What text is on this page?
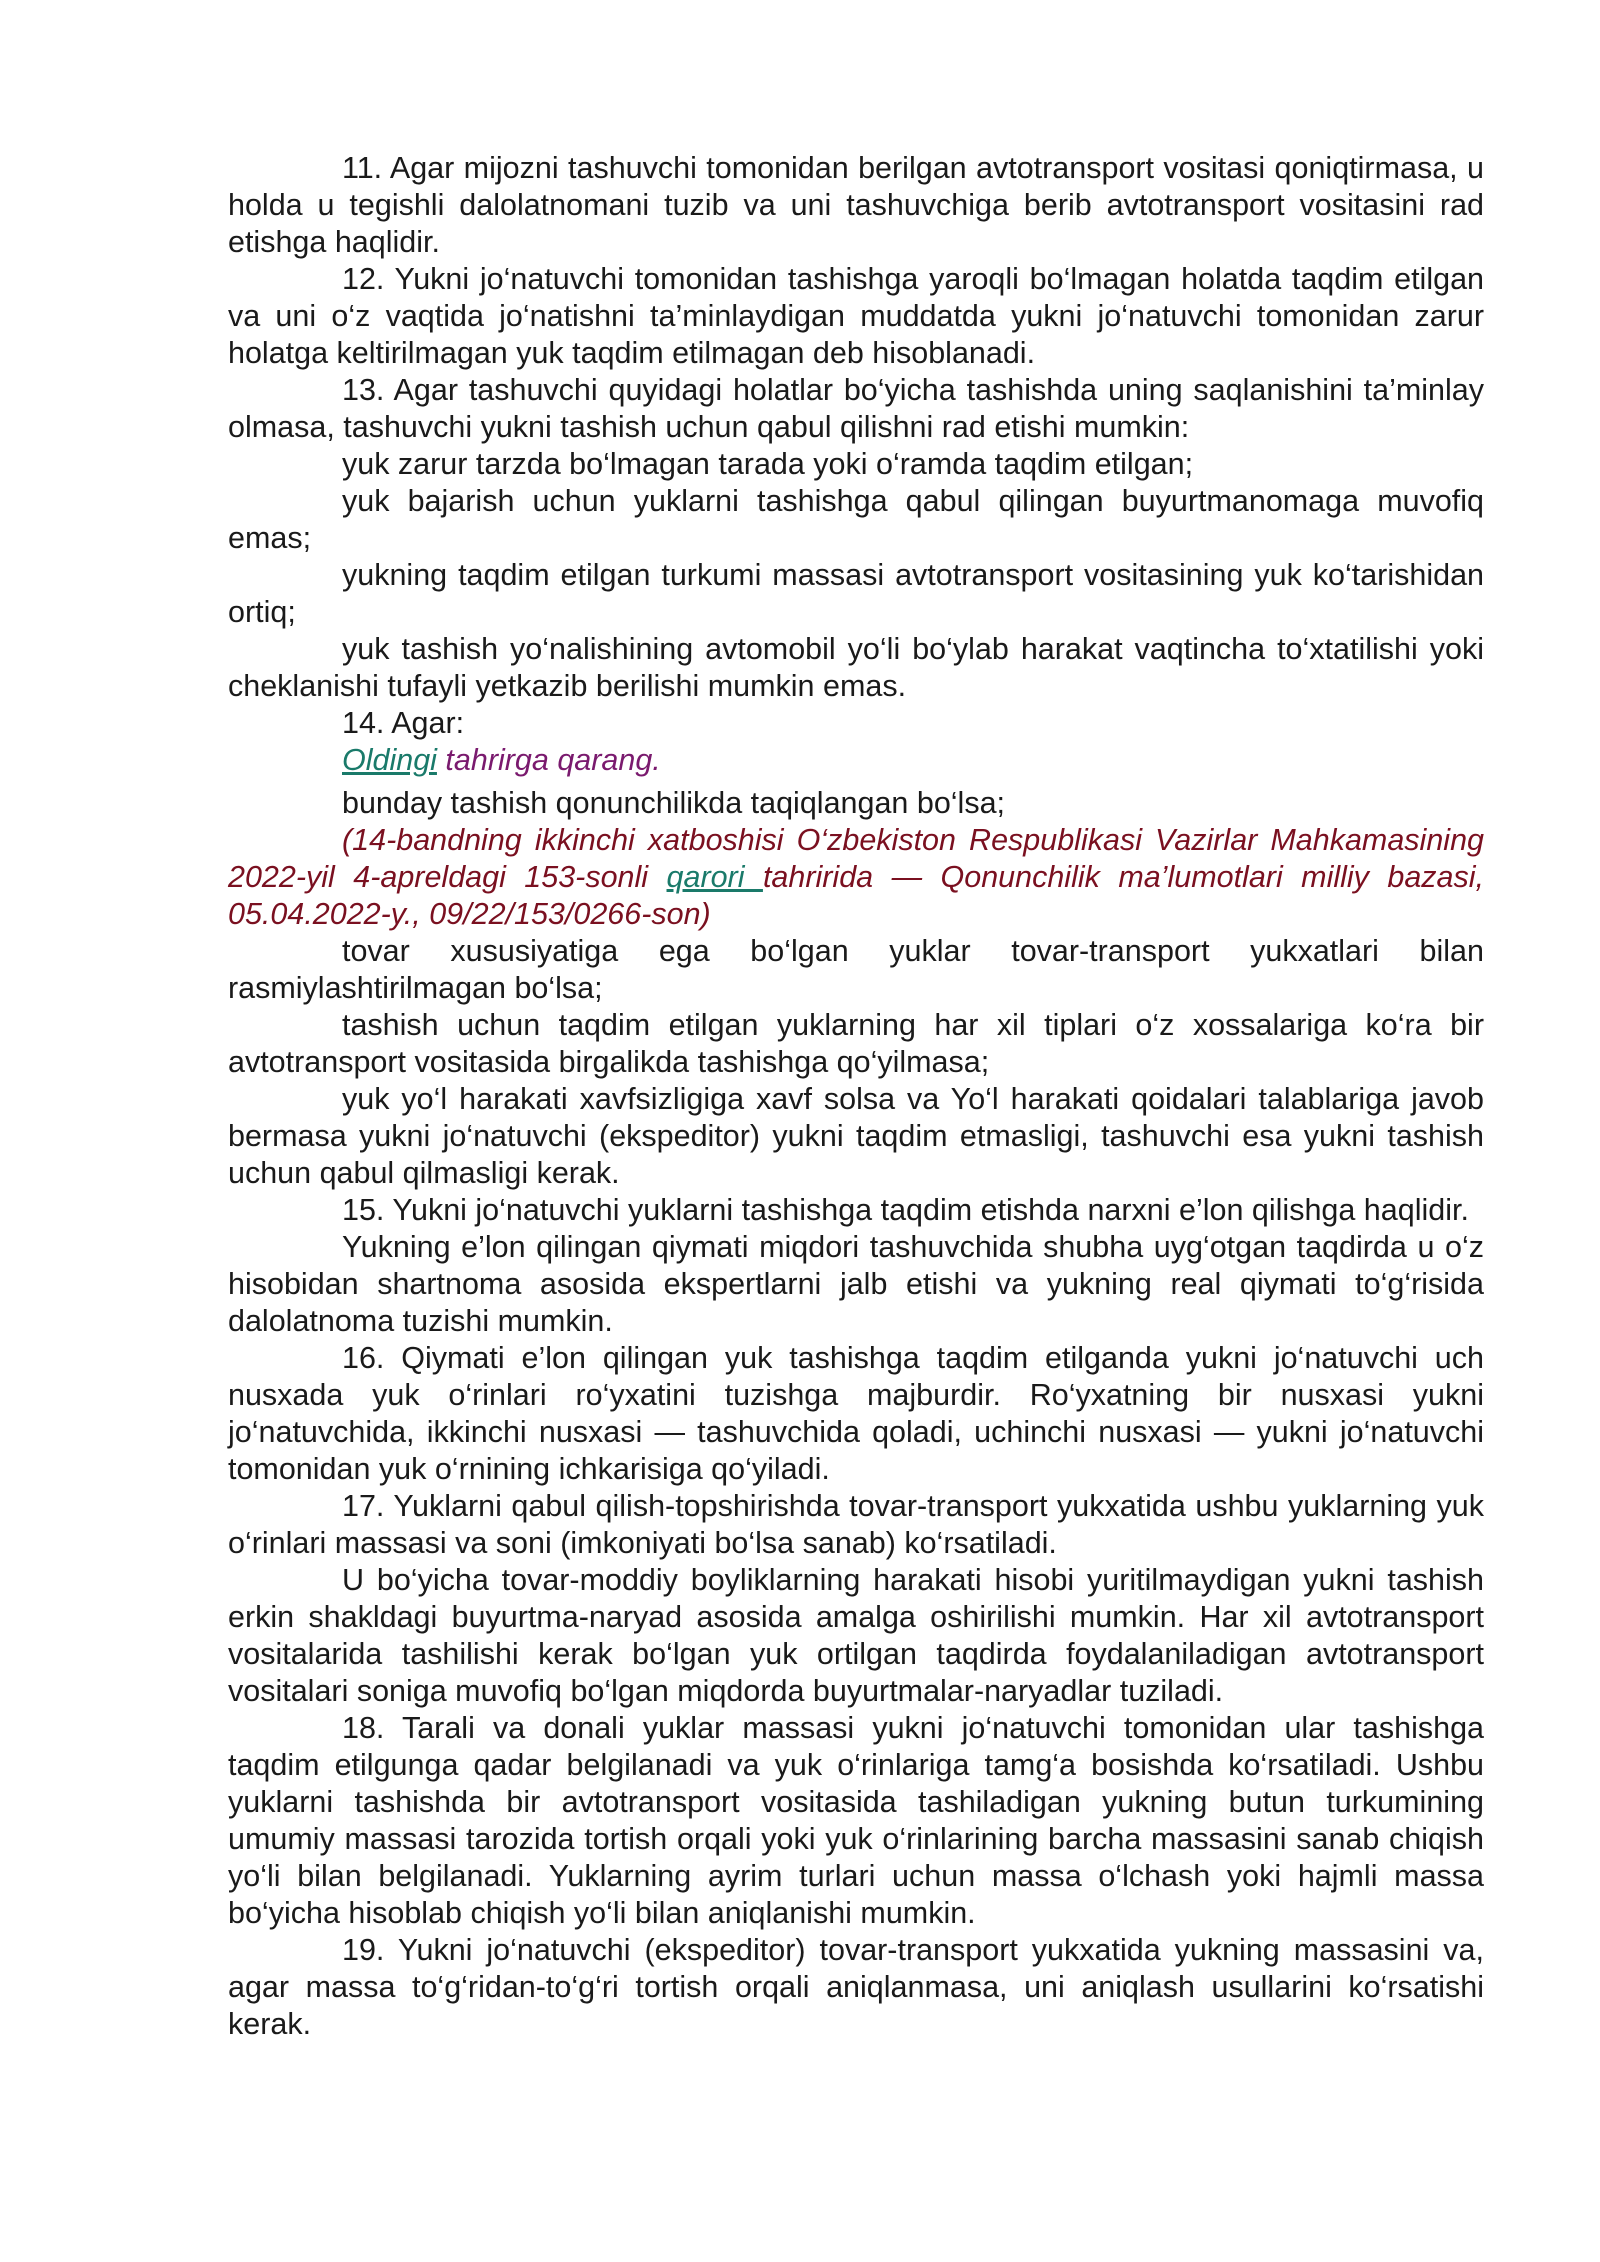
11. Agar mijozni tashuvchi tomonidan berilgan avtotransport vositasi qoniqtirmasa, u holda u tegishli dalolatnomani tuzib va uni tashuvchiga berib avtotransport vositasini rad etishga haqlidir.

12. Yukni jo‘natuvchi tomonidan tashishga yaroqli bo‘lmagan holatda taqdim etilgan va uni o‘z vaqtida jo‘natishni ta’minlaydigan muddatda yukni jo‘natuvchi tomonidan zarur holatga keltirilmagan yuk taqdim etilmagan deb hisoblanadi.

13. Agar tashuvchi quyidagi holatlar bo‘yicha tashishda uning saqlanishini ta’minlay olmasa, tashuvchi yukni tashish uchun qabul qilishni rad etishi mumkin:

yuk zarur tarzda bo‘lmagan tarada yoki o‘ramda taqdim etilgan;

yuk bajarish uchun yuklarni tashishga qabul qilingan buyurtmanomaga muvofiq emas;

yukning taqdim etilgan turkumi massasi avtotransport vositasining yuk ko‘tarishidan ortiq;

yuk tashish yo‘nalishining avtomobil yo‘li bo‘ylab harakat vaqtincha to‘xtatilishi yoki cheklanishi tufayli yetkazib berilishi mumkin emas.

14. Agar:

Oldingi tahrirga qarang.

bunday tashish qonunchilikda taqiqlangan bo‘lsa;

(14-bandning ikkinchi xatboshisi O‘zbekiston Respublikasi Vazirlar Mahkamasining 2022-yil 4-apreldagi 153-sonli qarori tahririda — Qonunchilik ma’lumotlari milliy bazasi, 05.04.2022-y., 09/22/153/0266-son)

tovar xususiyatiga ega bo‘lgan yuklar tovar-transport yukxatlari bilan rasmiylashtirilmagan bo‘lsa;

tashish uchun taqdim etilgan yuklarning har xil tiplari o‘z xossalariga ko‘ra bir avtotransport vositasida birgalikda tashishga qo‘yilmasa;

yuk yo‘l harakati xavfsizligiga xavf solsa va Yo‘l harakati qoidalari talablariga javob bermasa yukni jo‘natuvchi (ekspeditor) yukni taqdim etmasligi, tashuvchi esa yukni tashish uchun qabul qilmasligi kerak.

15. Yukni jo‘natuvchi yuklarni tashishga taqdim etishda narxni e’lon qilishga haqlidir.

Yukning e’lon qilingan qiymati miqdori tashuvchida shubha uyg‘otgan taqdirda u o‘z hisobidan shartnoma asosida ekspertlarni jalb etishi va yukning real qiymati to‘g‘risida dalolatnoma tuzishi mumkin.

16. Qiymati e’lon qilingan yuk tashishga taqdim etilganda yukni jo‘natuvchi uch nusxada yuk o‘rinlari ro‘yxatini tuzishga majburdir. Ro‘yxatning bir nusxasi yukni jo‘natuvchida, ikkinchi nusxasi — tashuvchida qoladi, uchinchi nusxasi — yukni jo‘natuvchi tomonidan yuk o‘rnining ichkarisiga qo‘yiladi.

17. Yuklarni qabul qilish-topshirishda tovar-transport yukxatida ushbu yuklarning yuk o‘rinlari massasi va soni (imkoniyati bo‘lsa sanab) ko‘rsatiladi.

U bo‘yicha tovar-moddiy boyliklarning harakati hisobi yuritilmaydigan yukni tashish erkin shakldagi buyurtma-naryad asosida amalga oshirilishi mumkin. Har xil avtotransport vositalarida tashilishi kerak bo‘lgan yuk ortilgan taqdirda foydalaniladigan avtotransport vositalari soniga muvofiq bo‘lgan miqdorda buyurtmalar-naryadlar tuziladi.

18. Tarali va donali yuklar massasi yukni jo‘natuvchi tomonidan ular tashishga taqdim etilgunga qadar belgilanadi va yuk o‘rinlariga tamg‘a bosishda ko‘rsatiladi. Ushbu yuklarni tashishda bir avtotransport vositasida tashiladigan yukning butun turkumining umumiy massasi tarozida tortish orqali yoki yuk o‘rinlarining barcha massasini sanab chiqish yo‘li bilan belgilanadi. Yuklarning ayrim turlari uchun massa o‘lchash yoki hajmli massa bo‘yicha hisoblab chiqish yo‘li bilan aniqlanishi mumkin.

19. Yukni jo‘natuvchi (ekspeditor) tovar-transport yukxatida yukning massasini va, agar massa to‘g‘ridan-to‘g‘ri tortish orqali aniqlanmasa, uni aniqlash usullarini ko‘rsatishi kerak.
